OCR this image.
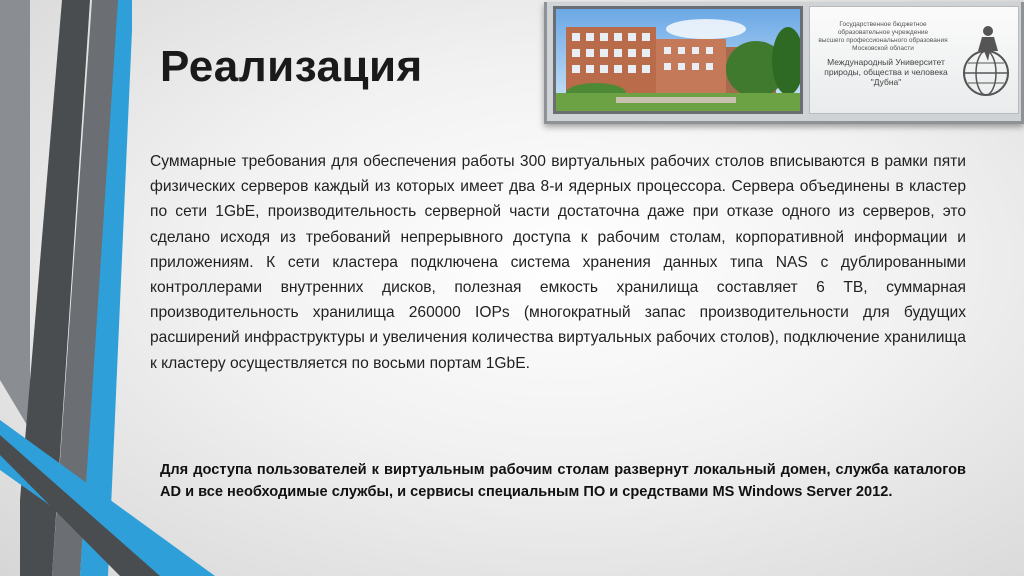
Реализация
Государственное бюджетное
образовательное учреждение
высшего профессионального образования
Московской области
Международный Университет
природы, общества и человека
"Дубна"

Суммарные требования для обеспечения работы 300 виртуальных рабочих столов вписываются в рамки пяти физических серверов каждый из которых имеет два 8-и ядерных процессора. Сервера объединены в кластер по сети 1GbE, производительность серверной части достаточна даже при отказе одного из серверов, это сделано исходя из требований непрерывного доступа к рабочим столам, корпоративной информации и приложениям. К сети кластера подключена система хранения данных типа NAS с дублированными контроллерами внутренних дисков, полезная емкость хранилища составляет 6 ТВ, суммарная производительность хранилища 260000 IOPs (многократный запас производительности для будущих расширений инфраструктуры и увеличения количества виртуальных рабочих столов), подключение хранилища к кластеру осуществляется по восьми портам 1GbE.

Для доступа пользователей к виртуальным рабочим столам развернут локальный домен, служба каталогов AD и все необходимые службы, и сервисы специальным ПО и средствами MS Windows Server 2012.
